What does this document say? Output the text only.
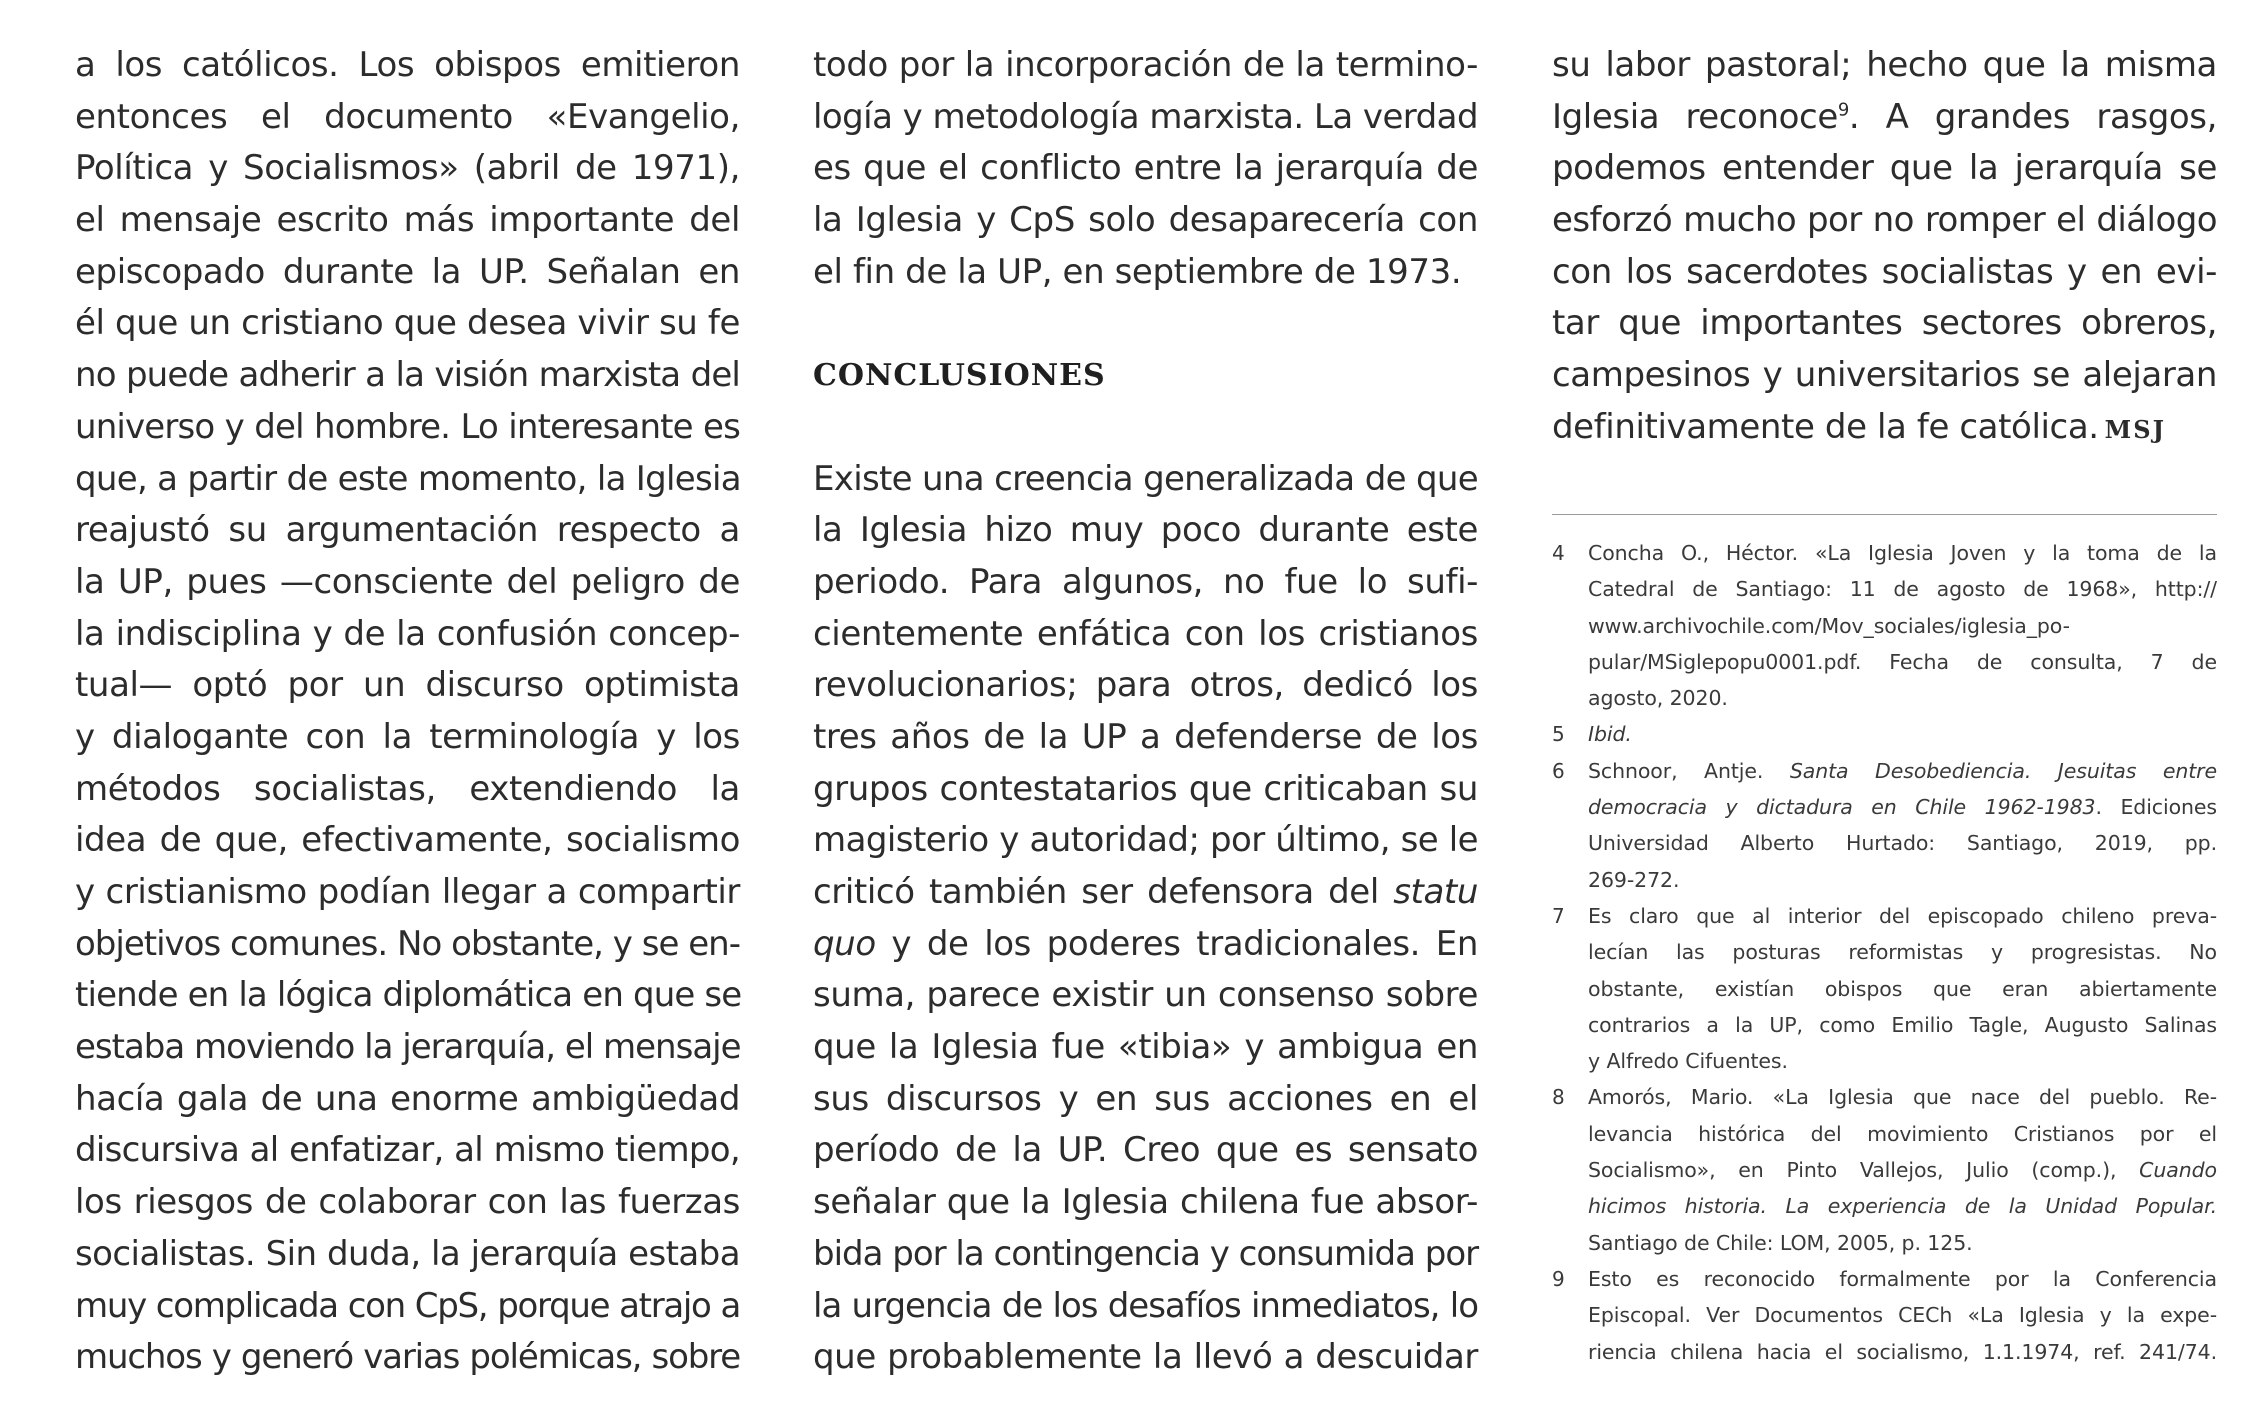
a los católicos. Los obispos emitieron
entonces el documento «Evangelio,
Política y Socialismos» (abril de 1971),
el mensaje escrito más importante del
episcopado durante la UP. Señalan en
él que un cristiano que desea vivir su fe
no puede adherir a la visión marxista del
universo y del hombre. Lo interesante es
que, a partir de este momento, la Iglesia
reajustó su argumentación respecto a
la UP, pues —consciente del peligro de
la indisciplina y de la confusión concep-
tual— optó por un discurso optimista
y dialogante con la terminología y los
métodos socialistas, extendiendo la
idea de que, efectivamente, socialismo
y cristianismo podían llegar a compartir
objetivos comunes. No obstante, y se en-
tiende en la lógica diplomática en que se
estaba moviendo la jerarquía, el mensaje
hacía gala de una enorme ambigüedad
discursiva al enfatizar, al mismo tiempo,
los riesgos de colaborar con las fuerzas
socialistas. Sin duda, la jerarquía estaba
muy complicada con CpS, porque atrajo a
muchos y generó varias polémicas, sobre
todo por la incorporación de la termino-
logía y metodología marxista. La verdad
es que el conflicto entre la jerarquía de
la Iglesia y CpS solo desaparecería con
el fin de la UP, en septiembre de 1973.
CONCLUSIONES
Existe una creencia generalizada de que
la Iglesia hizo muy poco durante este
periodo. Para algunos, no fue lo sufi-
cientemente enfática con los cristianos
revolucionarios; para otros, dedicó los
tres años de la UP a defenderse de los
grupos contestatarios que criticaban su
magisterio y autoridad; por último, se le
criticó también ser defensora del statu
quo y de los poderes tradicionales. En
suma, parece existir un consenso sobre
que la Iglesia fue «tibia» y ambigua en
sus discursos y en sus acciones en el
período de la UP. Creo que es sensato
señalar que la Iglesia chilena fue absor-
bida por la contingencia y consumida por
la urgencia de los desafíos inmediatos, lo
que probablemente la llevó a descuidar
su labor pastoral; hecho que la misma
Iglesia reconoce$^9$. A grandes rasgos,
podemos entender que la jerarquía se
esforzó mucho por no romper el diálogo
con los sacerdotes socialistas y en evi-
tar que importantes sectores obreros,
campesinos y universitarios se alejaran
definitivamente de la fe católica. MSJ
4 Concha O., Héctor. «La Iglesia Joven y la toma de la
Catedral de Santiago: 11 de agosto de 1968», http://
www.archivochile.com/Mov_sociales/iglesia_po-
pular/MSiglepopu0001.pdf. Fecha de consulta, 7 de
agosto, 2020.
5 Ibid.
6 Schnoor, Antje. Santa Desobediencia. Jesuitas entre
democracia y dictadura en Chile 1962-1983. Ediciones
Universidad Alberto Hurtado: Santiago, 2019, pp.
269-272.
7 Es claro que al interior del episcopado chileno preva-
lecían las posturas reformistas y progresistas. No
obstante, existían obispos que eran abiertamente
contrarios a la UP, como Emilio Tagle, Augusto Salinas
y Alfredo Cifuentes.
8 Amorós, Mario. «La Iglesia que nace del pueblo. Re-
levancia histórica del movimiento Cristianos por el
Socialismo», en Pinto Vallejos, Julio (comp.), Cuando
hicimos historia. La experiencia de la Unidad Popular.
Santiago de Chile: LOM, 2005, p. 125.
9 Esto es reconocido formalmente por la Conferencia
Episcopal. Ver Documentos CECh «La Iglesia y la expe-
riencia chilena hacia el socialismo, 1.1.1974, ref. 241/74.
